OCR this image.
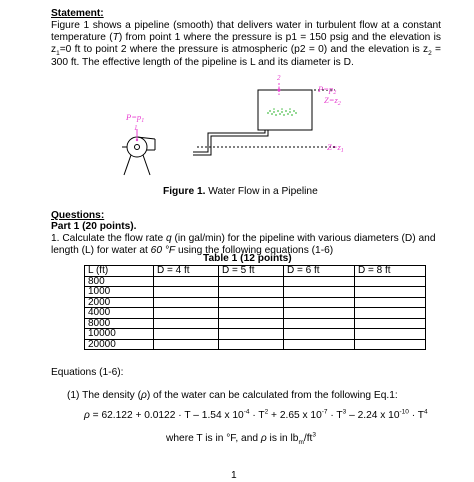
Statement:
Figure 1 shows a pipeline (smooth) that delivers water in turbulent flow at a constant temperature (T) from point 1 where the pressure is p1 = 150 psig and the elevation is $z_1=0$ ft to point 2 where the pressure is atmospheric (p2 = 0) and the elevation is $z_2 = 300$ ft. The effective length of the pipeline is L and its diameter is D.
$P=p_1$
1
2
$P=p_2$
$Z=z_2$
$Z=z_1$
Figure 1. Water Flow in a Pipeline
Questions:
Part 1 (20 points).
1. Calculate the flow rate q (in gal/min) for the pipeline with various diameters (D) and length (L) for water at 60 °F using the following equations (1-6)
Table 1 (12 points)
L (ft)	D = 4 ft	D = 5 ft	D = 6 ft	D = 8 ft
800				
1000				
2000				
4000				
8000				
10000				
20000				
Equations (1-6):
(1) The density (ρ) of the water can be calculated from the following Eq.1:
ρ = 62.122 + 0.0122 · T – 1.54 x $10^{-4} \cdot T^2 + 2.65$ x $10^{-7} \cdot T^3 - 2.24$ x $10^{-10} \cdot T^4$
where T is in °F, and ρ is in $lb_m/ft^3$
1
